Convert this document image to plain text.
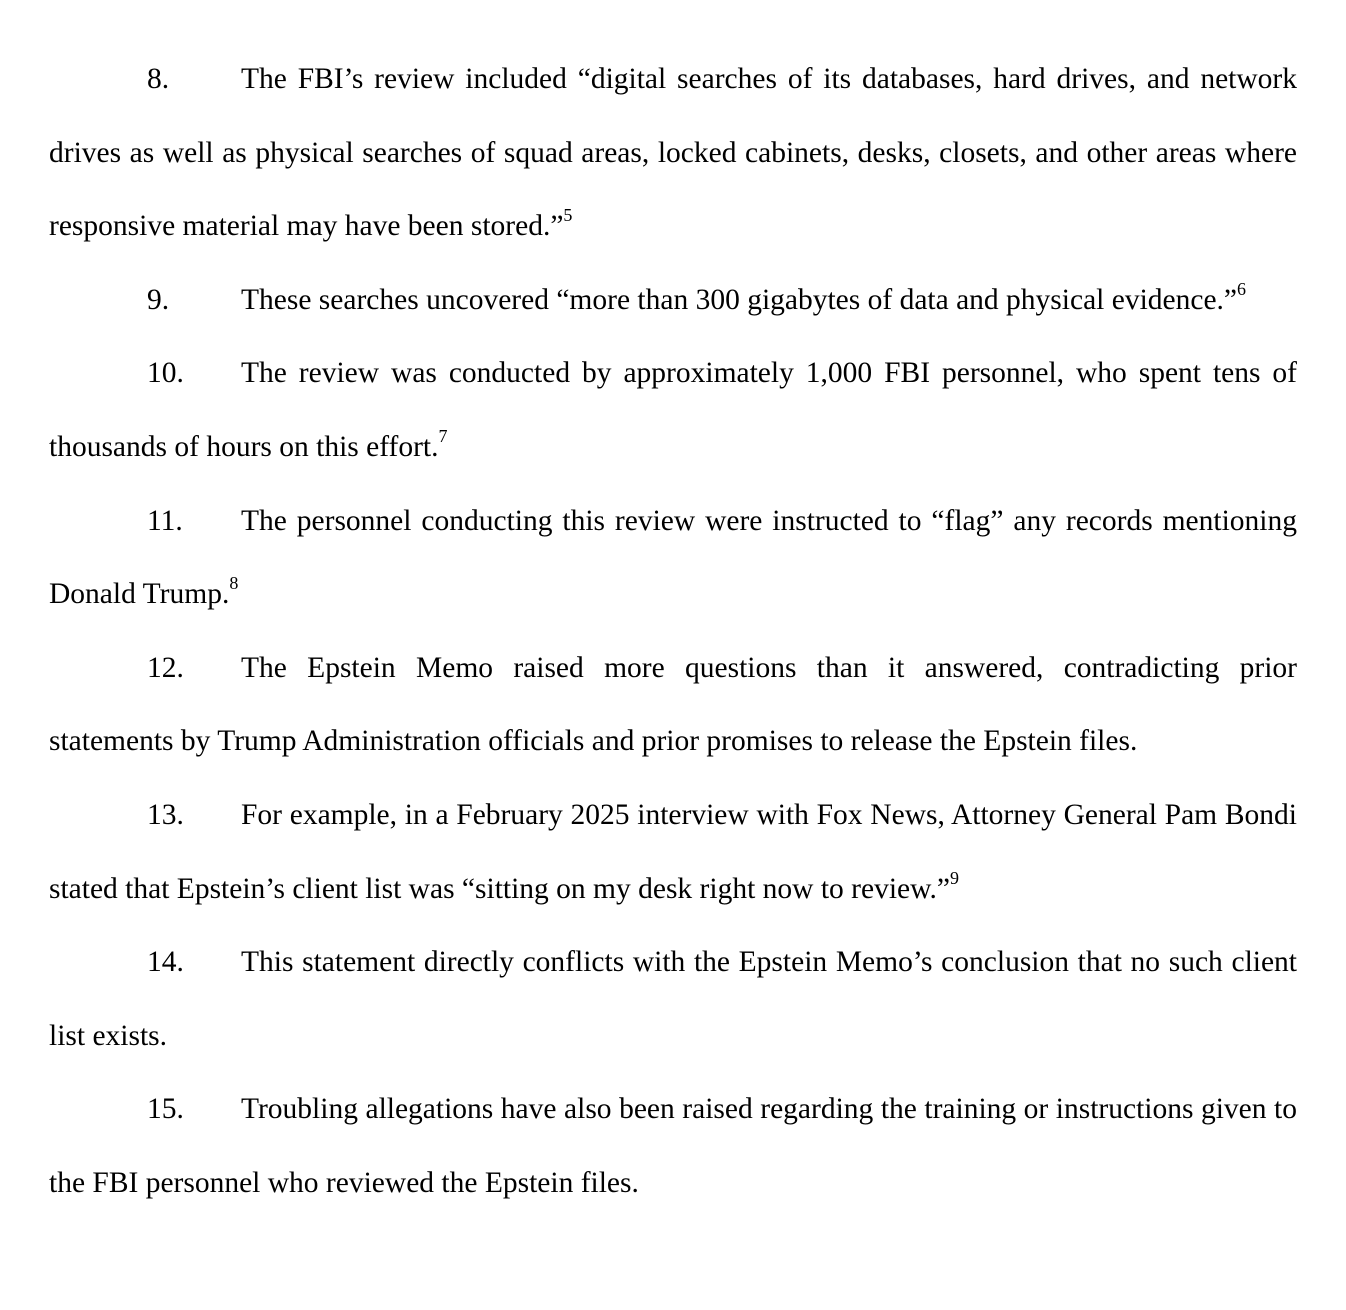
8. The FBI’s review included “digital searches of its databases, hard drives, and network drives as well as physical searches of squad areas, locked cabinets, desks, closets, and other areas where responsive material may have been stored.”$^5$

9. These searches uncovered “more than 300 gigabytes of data and physical evidence.”$^6$

10. The review was conducted by approximately 1,000 FBI personnel, who spent tens of thousands of hours on this effort.$^7$

11. The personnel conducting this review were instructed to “flag” any records mentioning Donald Trump.$^8$

12. The Epstein Memo raised more questions than it answered, contradicting prior statements by Trump Administration officials and prior promises to release the Epstein files.

13. For example, in a February 2025 interview with Fox News, Attorney General Pam Bondi stated that Epstein’s client list was “sitting on my desk right now to review.”$^9$

14. This statement directly conflicts with the Epstein Memo’s conclusion that no such client list exists.

15. Troubling allegations have also been raised regarding the training or instructions given to the FBI personnel who reviewed the Epstein files.
